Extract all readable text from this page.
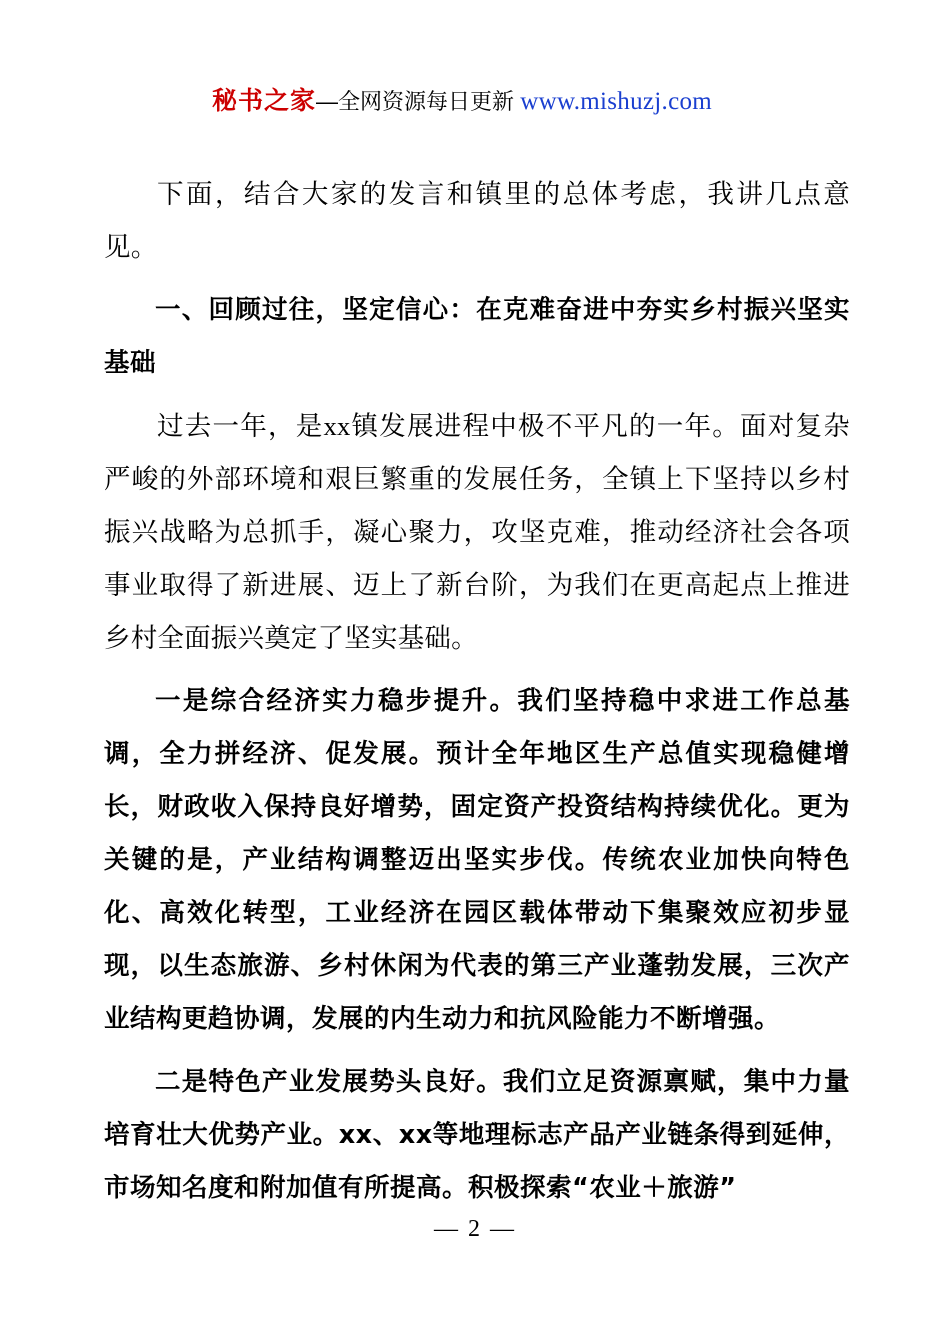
秘书之家—全网资源每日更新 www.mishuzj.com

下面，结合大家的发言和镇里的总体考虑，我讲几点意见。

一、回顾过往，坚定信心：在克难奋进中夯实乡村振兴坚实基础

过去一年，是xx镇发展进程中极不平凡的一年。面对复杂严峻的外部环境和艰巨繁重的发展任务，全镇上下坚持以乡村振兴战略为总抓手，凝心聚力，攻坚克难，推动经济社会各项事业取得了新进展、迈上了新台阶，为我们在更高起点上推进乡村全面振兴奠定了坚实基础。

一是综合经济实力稳步提升。我们坚持稳中求进工作总基调，全力拼经济、促发展。预计全年地区生产总值实现稳健增长，财政收入保持良好增势，固定资产投资结构持续优化。更为关键的是，产业结构调整迈出坚实步伐。传统农业加快向特色化、高效化转型，工业经济在园区载体带动下集聚效应初步显现，以生态旅游、乡村休闲为代表的第三产业蓬勃发展，三次产业结构更趋协调，发展的内生动力和抗风险能力不断增强。

二是特色产业发展势头良好。我们立足资源禀赋，集中力量培育壮大优势产业。xx、xx等地理标志产品产业链条得到延伸，市场知名度和附加值有所提高。积极探索“农业＋旅游”

— 2 —
